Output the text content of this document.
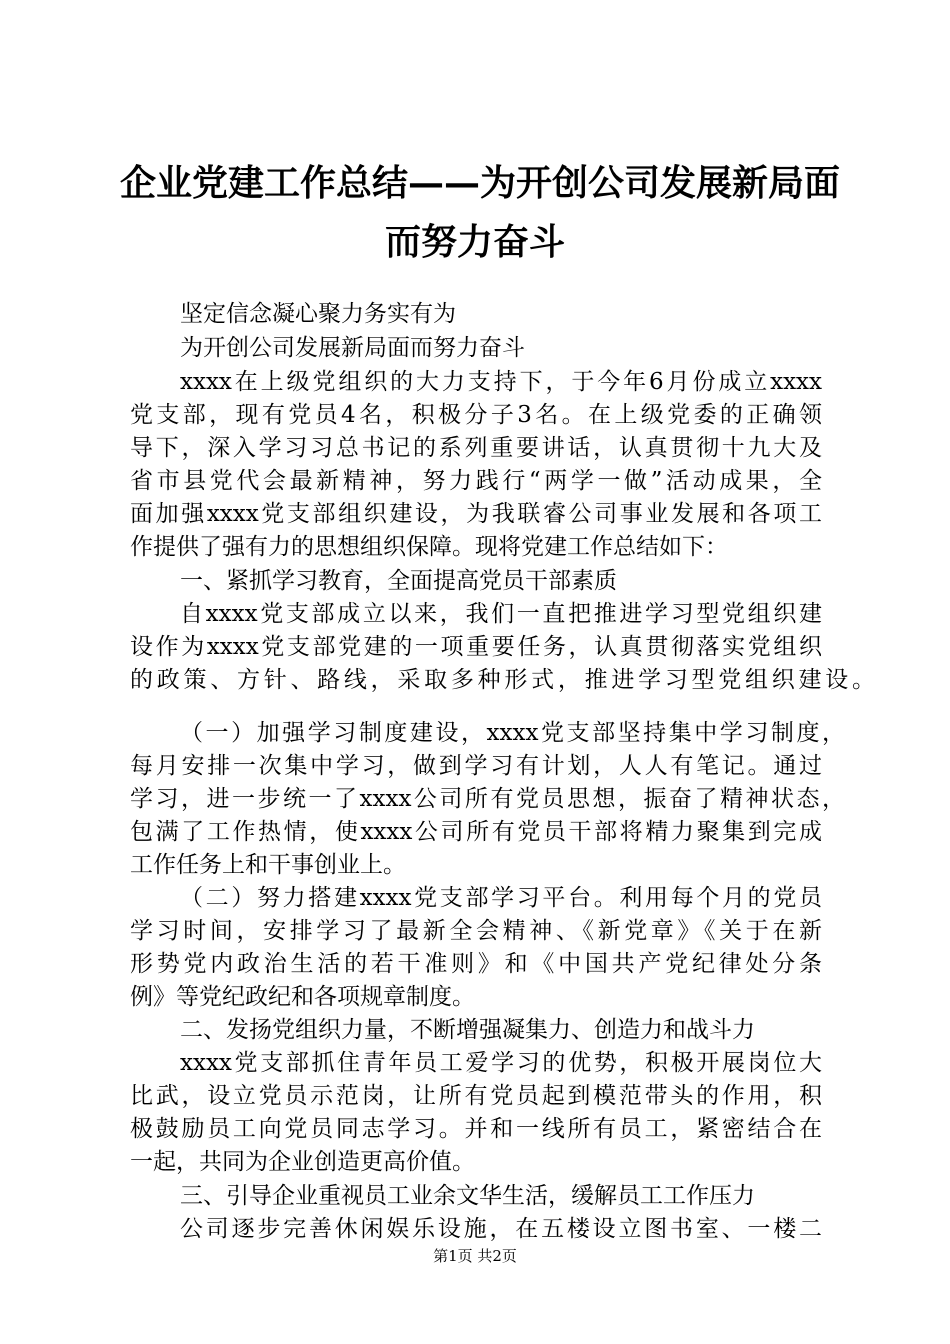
企业党建工作总结——为开创公司发展新局面
而努力奋斗
坚定信念凝心聚力务实有为
为开创公司发展新局面而努力奋斗
xxxx在上级党组织的大力支持下，于今年6月份成立xxxx
党支部，现有党员4名，积极分子3名。在上级党委的正确领
导下，深入学习习总书记的系列重要讲话，认真贯彻十九大及
省市县党代会最新精神，努力践行“两学一做”活动成果，全
面加强xxxx党支部组织建设，为我联睿公司事业发展和各项工
作提供了强有力的思想组织保障。现将党建工作总结如下：
一、紧抓学习教育，全面提高党员干部素质
自xxxx党支部成立以来，我们一直把推进学习型党组织建
设作为xxxx党支部党建的一项重要任务，认真贯彻落实党组织
的政策、方针、路线，采取多种形式，推进学习型党组织建设。
（一）加强学习制度建设，xxxx党支部坚持集中学习制度，
每月安排一次集中学习，做到学习有计划，人人有笔记。通过
学习，进一步统一了xxxx公司所有党员思想，振奋了精神状态，
包满了工作热情，使xxxx公司所有党员干部将精力聚集到完成
工作任务上和干事创业上。
（二）努力搭建xxxx党支部学习平台。利用每个月的党员
学习时间，安排学习了最新全会精神、《新党章》《关于在新
形势党内政治生活的若干准则》和《中国共产党纪律处分条
例》等党纪政纪和各项规章制度。
二、发扬党组织力量，不断增强凝集力、创造力和战斗力
xxxx党支部抓住青年员工爱学习的优势，积极开展岗位大
比武，设立党员示范岗，让所有党员起到模范带头的作用，积
极鼓励员工向党员同志学习。并和一线所有员工，紧密结合在
一起，共同为企业创造更高价值。
三、引导企业重视员工业余文华生活，缓解员工工作压力
公司逐步完善休闲娱乐设施，在五楼设立图书室、一楼二
第1页 共2页
